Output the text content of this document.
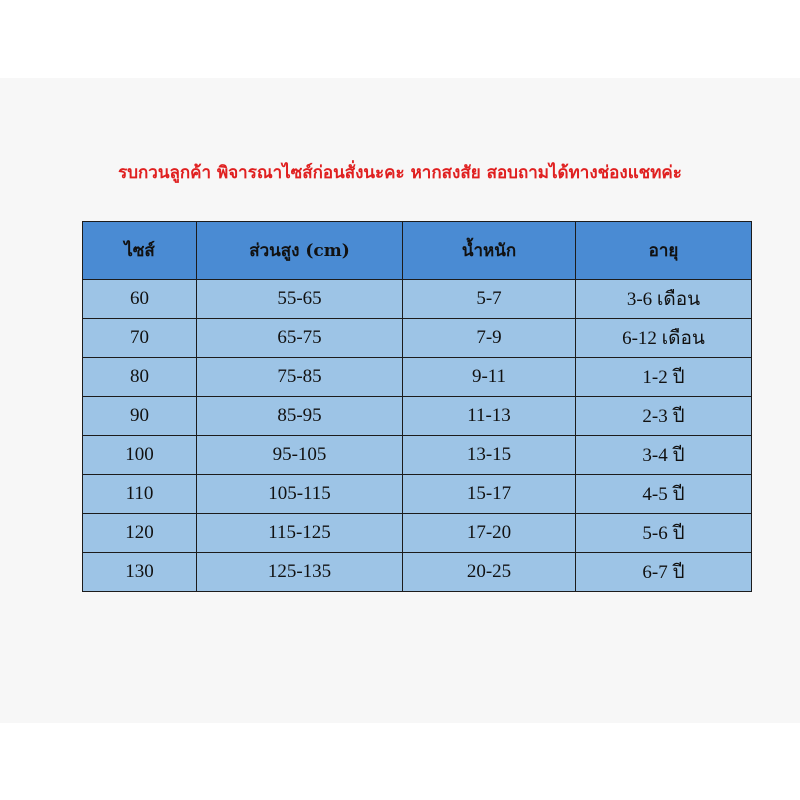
รบกวนลูกค้า พิจารณาไซส์ก่อนสั่งนะคะ หากสงสัย สอบถามได้ทางช่องแชทค่ะ
ไซส์	ส่วนสูง (cm)	น้ำหนัก	อายุ
60	55-65	5-7	3-6 เดือน
70	65-75	7-9	6-12 เดือน
80	75-85	9-11	1-2 ปี
90	85-95	11-13	2-3 ปี
100	95-105	13-15	3-4 ปี
110	105-115	15-17	4-5 ปี
120	115-125	17-20	5-6 ปี
130	125-135	20-25	6-7 ปี
